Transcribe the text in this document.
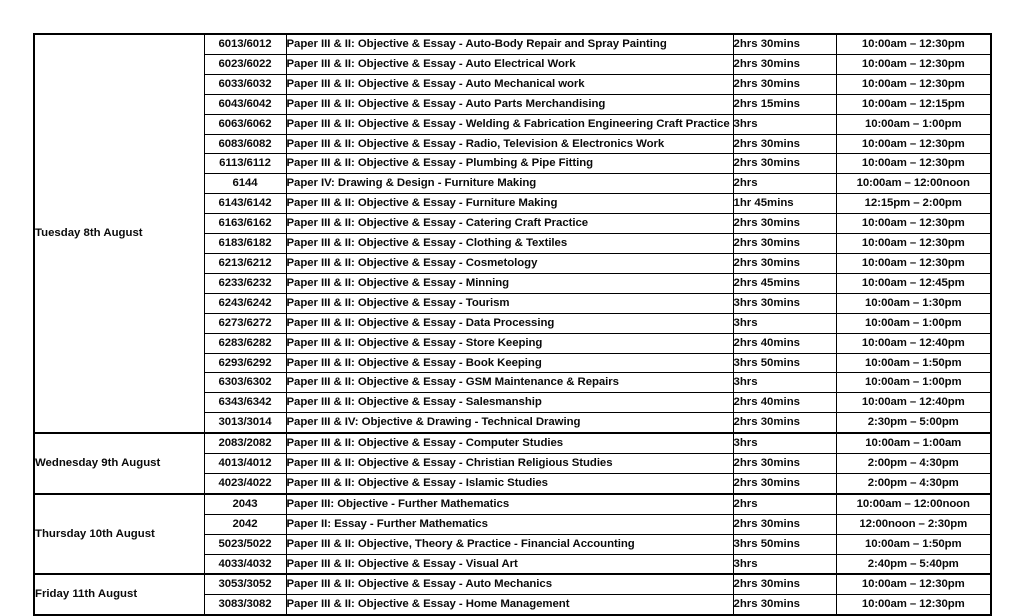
Tuesday 8th August	6013/6012	Paper III & II: Objective & Essay - Auto-Body Repair and Spray Painting	2hrs 30mins	10:00am – 12:30pm
	6023/6022	Paper III & II: Objective & Essay - Auto Electrical Work	2hrs 30mins	10:00am – 12:30pm
	6033/6032	Paper III & II: Objective & Essay - Auto Mechanical work	2hrs 30mins	10:00am – 12:30pm
	6043/6042	Paper III & II: Objective & Essay - Auto Parts Merchandising	2hrs 15mins	10:00am – 12:15pm
	6063/6062	Paper III & II: Objective & Essay - Welding & Fabrication Engineering Craft Practice	3hrs	10:00am – 1:00pm
	6083/6082	Paper III & II: Objective & Essay - Radio, Television & Electronics Work	2hrs 30mins	10:00am – 12:30pm
	6113/6112	Paper III & II: Objective & Essay - Plumbing & Pipe Fitting	2hrs 30mins	10:00am – 12:30pm
	6144	Paper IV: Drawing & Design - Furniture Making	2hrs	10:00am – 12:00noon
	6143/6142	Paper III & II: Objective & Essay - Furniture Making	1hr 45mins	12:15pm – 2:00pm
	6163/6162	Paper III & II: Objective & Essay - Catering Craft Practice	2hrs 30mins	10:00am – 12:30pm
	6183/6182	Paper III & II: Objective & Essay - Clothing & Textiles	2hrs 30mins	10:00am – 12:30pm
	6213/6212	Paper III & II: Objective & Essay - Cosmetology	2hrs 30mins	10:00am – 12:30pm
	6233/6232	Paper III & II: Objective & Essay - Minning	2hrs 45mins	10:00am – 12:45pm
	6243/6242	Paper III & II: Objective & Essay - Tourism	3hrs 30mins	10:00am – 1:30pm
	6273/6272	Paper III & II: Objective & Essay - Data Processing	3hrs	10:00am – 1:00pm
	6283/6282	Paper III & II: Objective & Essay - Store Keeping	2hrs 40mins	10:00am – 12:40pm
	6293/6292	Paper III & II: Objective & Essay - Book Keeping	3hrs 50mins	10:00am – 1:50pm
	6303/6302	Paper III & II: Objective & Essay - GSM Maintenance & Repairs	3hrs	10:00am – 1:00pm
	6343/6342	Paper III & II: Objective & Essay - Salesmanship	2hrs 40mins	10:00am – 12:40pm
	3013/3014	Paper III & IV: Objective & Drawing - Technical Drawing	2hrs 30mins	2:30pm – 5:00pm
Wednesday 9th August	2083/2082	Paper III & II: Objective & Essay - Computer Studies	3hrs	10:00am – 1:00am
	4013/4012	Paper III & II: Objective & Essay - Christian Religious Studies	2hrs 30mins	2:00pm – 4:30pm
	4023/4022	Paper III & II: Objective & Essay - Islamic Studies	2hrs 30mins	2:00pm – 4:30pm
Thursday 10th August	2043	Paper III: Objective - Further Mathematics	2hrs	10:00am – 12:00noon
	2042	Paper II: Essay - Further Mathematics	2hrs 30mins	12:00noon – 2:30pm
	5023/5022	Paper III & II: Objective, Theory & Practice - Financial Accounting	3hrs 50mins	10:00am – 1:50pm
	4033/4032	Paper III & II: Objective & Essay - Visual Art	3hrs	2:40pm – 5:40pm
Friday 11th August	3053/3052	Paper III & II: Objective & Essay - Auto Mechanics	2hrs 30mins	10:00am – 12:30pm
	3083/3082	Paper III & II: Objective & Essay - Home Management	2hrs 30mins	10:00am – 12:30pm
